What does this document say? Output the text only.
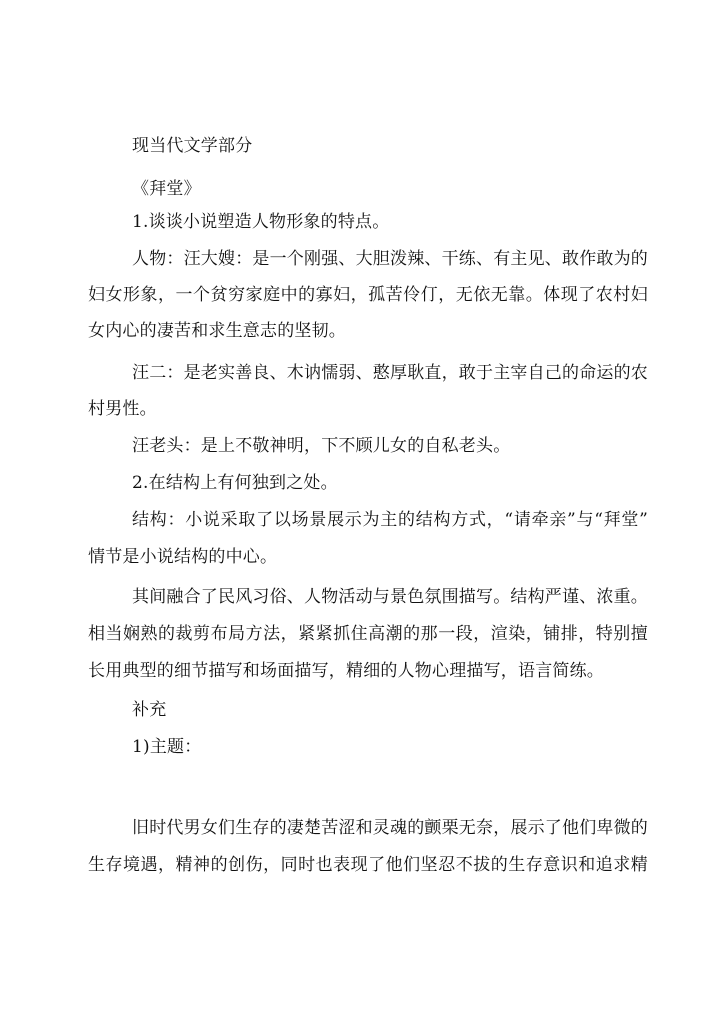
现当代文学部分
《拜堂》
1.谈谈小说塑造人物形象的特点。
人物：汪大嫂：是一个刚强、大胆泼辣、干练、有主见、敢作敢为的
妇女形象，一个贫穷家庭中的寡妇，孤苦伶仃，无依无靠。体现了农村妇
女内心的凄苦和求生意志的坚韧。
汪二：是老实善良、木讷懦弱、憨厚耿直，敢于主宰自己的命运的农
村男性。
汪老头：是上不敬神明，下不顾儿女的自私老头。
2.在结构上有何独到之处。
结构：小说采取了以场景展示为主的结构方式，“请牵亲”与“拜堂”
情节是小说结构的中心。
其间融合了民风习俗、人物活动与景色氛围描写。结构严谨、浓重。
相当娴熟的裁剪布局方法，紧紧抓住高潮的那一段，渲染，铺排，特别擅
长用典型的细节描写和场面描写，精细的人物心理描写，语言简练。
补充
1)主题：
旧时代男女们生存的凄楚苦涩和灵魂的颤栗无奈，展示了他们卑微的
生存境遇，精神的创伤，同时也表现了他们坚忍不拔的生存意识和追求精
